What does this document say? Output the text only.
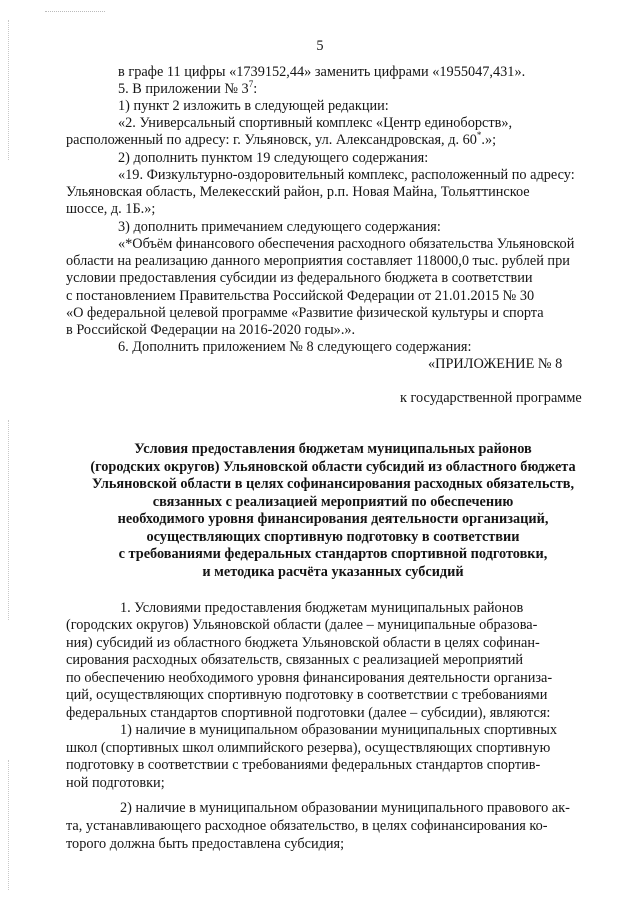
5
в графе 11 цифры «1739152,44» заменить цифрами «1955047,431».
5. В приложении № $3^7$:
1) пункт 2 изложить в следующей редакции:
«2. Универсальный спортивный комплекс «Центр единоборств»,
расположенный по адресу: г. Ульяновск, ул. Александровская, д. 60*.»;
2) дополнить пунктом 19 следующего содержания:
«19. Физкультурно-оздоровительный комплекс, расположенный по адресу:
Ульяновская область, Мелекесский район, р.п. Новая Майна, Тольяттинское
шоссе, д. 1Б.»;
3) дополнить примечанием следующего содержания:
«*Объём финансового обеспечения расходного обязательства Ульяновской
области на реализацию данного мероприятия составляет 118000,0 тыс. рублей при
условии предоставления субсидии из федерального бюджета в соответствии
с постановлением Правительства Российской Федерации от 21.01.2015 № 30
«О федеральной целевой программе «Развитие физической культуры и спорта
в Российской Федерации на 2016-2020 годы».».
6. Дополнить приложением № 8 следующего содержания:
«ПРИЛОЖЕНИЕ № 8
к государственной программе
Условия предоставления бюджетам муниципальных районов
(городских округов) Ульяновской области субсидий из областного бюджета
Ульяновской области в целях софинансирования расходных обязательств,
связанных с реализацией мероприятий по обеспечению
необходимого уровня финансирования деятельности организаций,
осуществляющих спортивную подготовку в соответствии
с требованиями федеральных стандартов спортивной подготовки,
и методика расчёта указанных субсидий
1. Условиями предоставления бюджетам муниципальных районов
(городских округов) Ульяновской области (далее – муниципальные образова-
ния) субсидий из областного бюджета Ульяновской области в целях софинан-
сирования расходных обязательств, связанных с реализацией мероприятий
по обеспечению необходимого уровня финансирования деятельности организа-
ций, осуществляющих спортивную подготовку в соответствии с требованиями
федеральных стандартов спортивной подготовки (далее – субсидии), являются:
1) наличие в муниципальном образовании муниципальных спортивных
школ (спортивных школ олимпийского резерва), осуществляющих спортивную
подготовку в соответствии с требованиями федеральных стандартов спортив-
ной подготовки;
2) наличие в муниципальном образовании муниципального правового ак-
та, устанавливающего расходное обязательство, в целях софинансирования ко-
торого должна быть предоставлена субсидия;
